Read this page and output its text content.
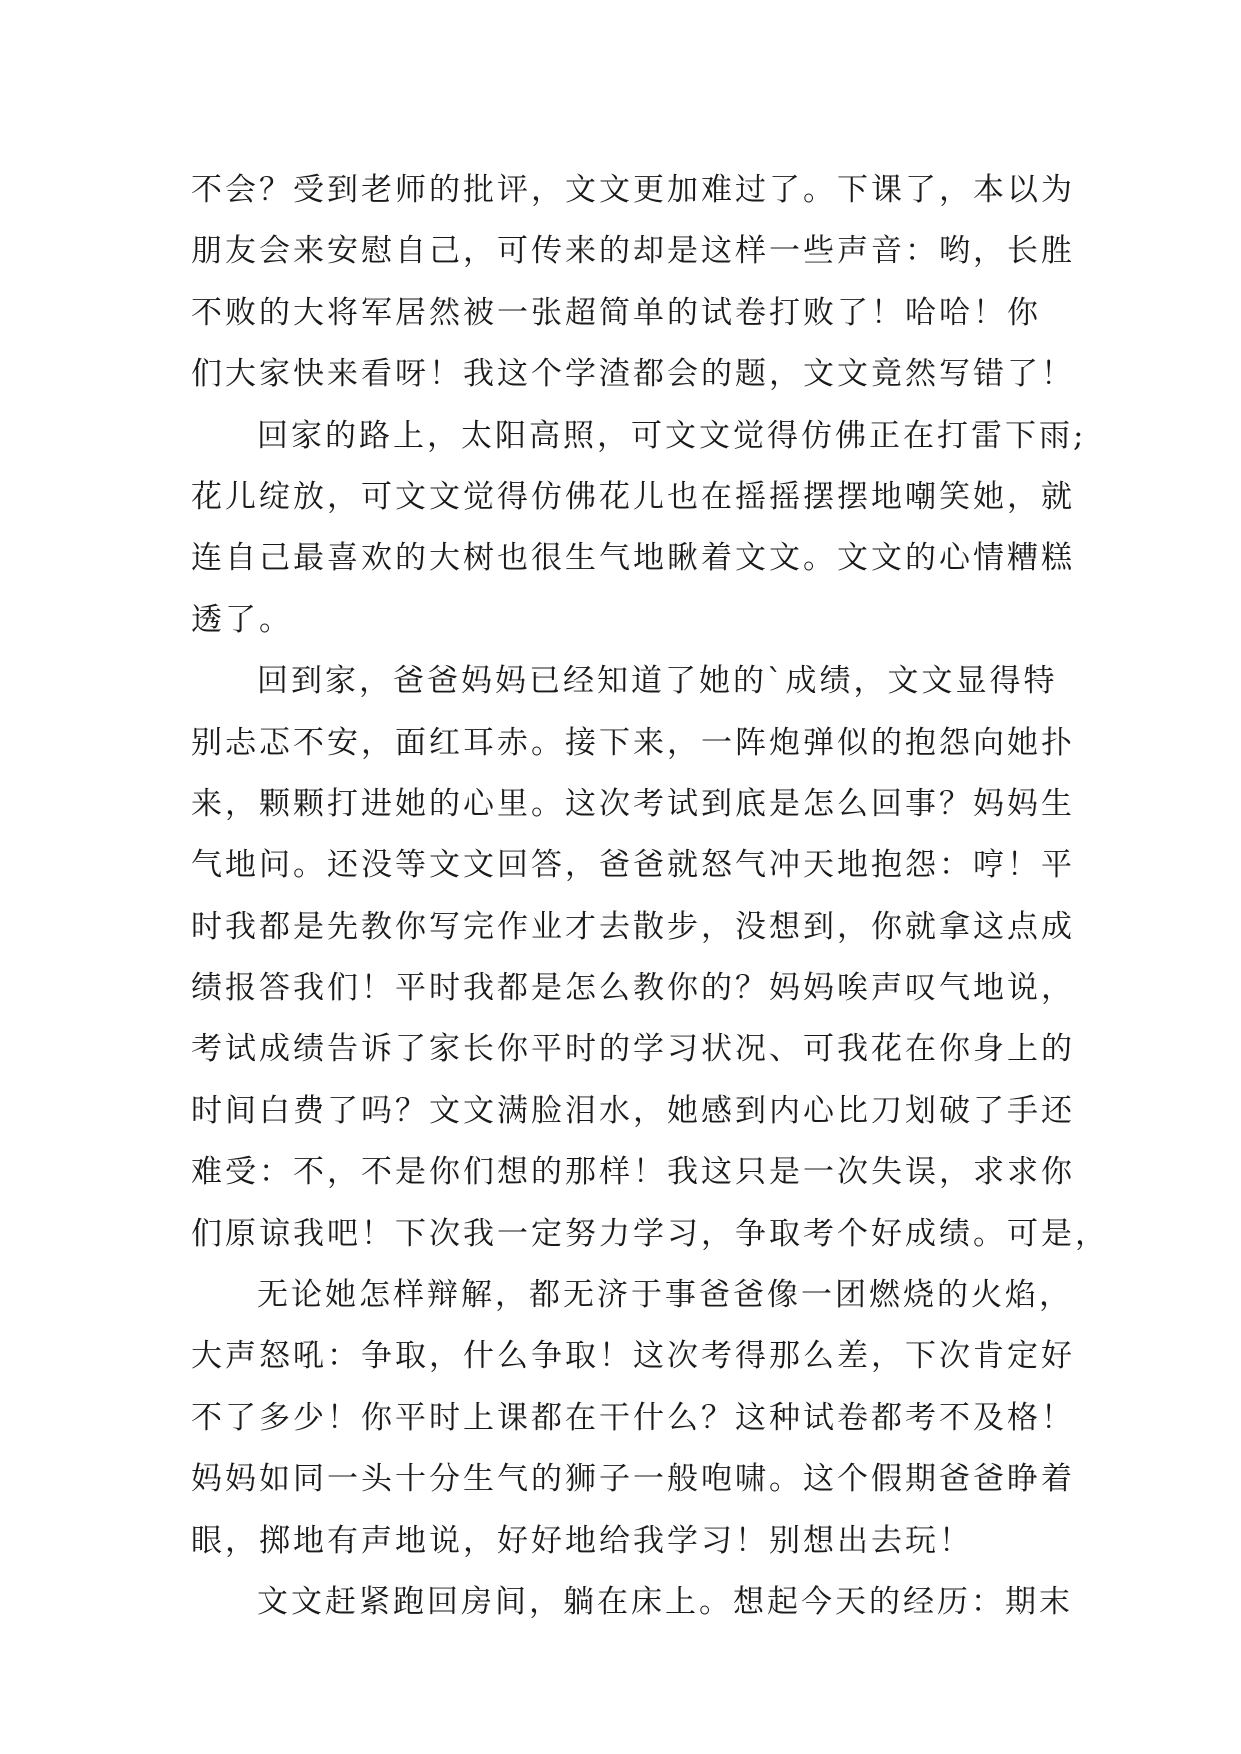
不会？受到老师的批评，文文更加难过了。下课了，本以为
朋友会来安慰自己，可传来的却是这样一些声音：哟，长胜
不败的大将军居然被一张超简单的试卷打败了！哈哈！你
们大家快来看呀！我这个学渣都会的题，文文竟然写错了！
回家的路上，太阳高照，可文文觉得仿佛正在打雷下雨;
花儿绽放，可文文觉得仿佛花儿也在摇摇摆摆地嘲笑她，就
连自己最喜欢的大树也很生气地瞅着文文。文文的心情糟糕
透了。
回到家，爸爸妈妈已经知道了她的`成绩，文文显得特
别忐忑不安，面红耳赤。接下来，一阵炮弹似的抱怨向她扑
来，颗颗打进她的心里。这次考试到底是怎么回事？妈妈生
气地问。还没等文文回答，爸爸就怒气冲天地抱怨：哼！平
时我都是先教你写完作业才去散步，没想到，你就拿这点成
绩报答我们！平时我都是怎么教你的？妈妈唉声叹气地说，
考试成绩告诉了家长你平时的学习状况、可我花在你身上的
时间白费了吗？文文满脸泪水，她感到内心比刀划破了手还
难受：不，不是你们想的那样！我这只是一次失误，求求你
们原谅我吧！下次我一定努力学习，争取考个好成绩。可是，
无论她怎样辩解，都无济于事爸爸像一团燃烧的火焰，
大声怒吼：争取，什么争取！这次考得那么差，下次肯定好
不了多少！你平时上课都在干什么？这种试卷都考不及格！
妈妈如同一头十分生气的狮子一般咆啸。这个假期爸爸睁着
眼，掷地有声地说，好好地给我学习！别想出去玩！
文文赶紧跑回房间，躺在床上。想起今天的经历：期末
